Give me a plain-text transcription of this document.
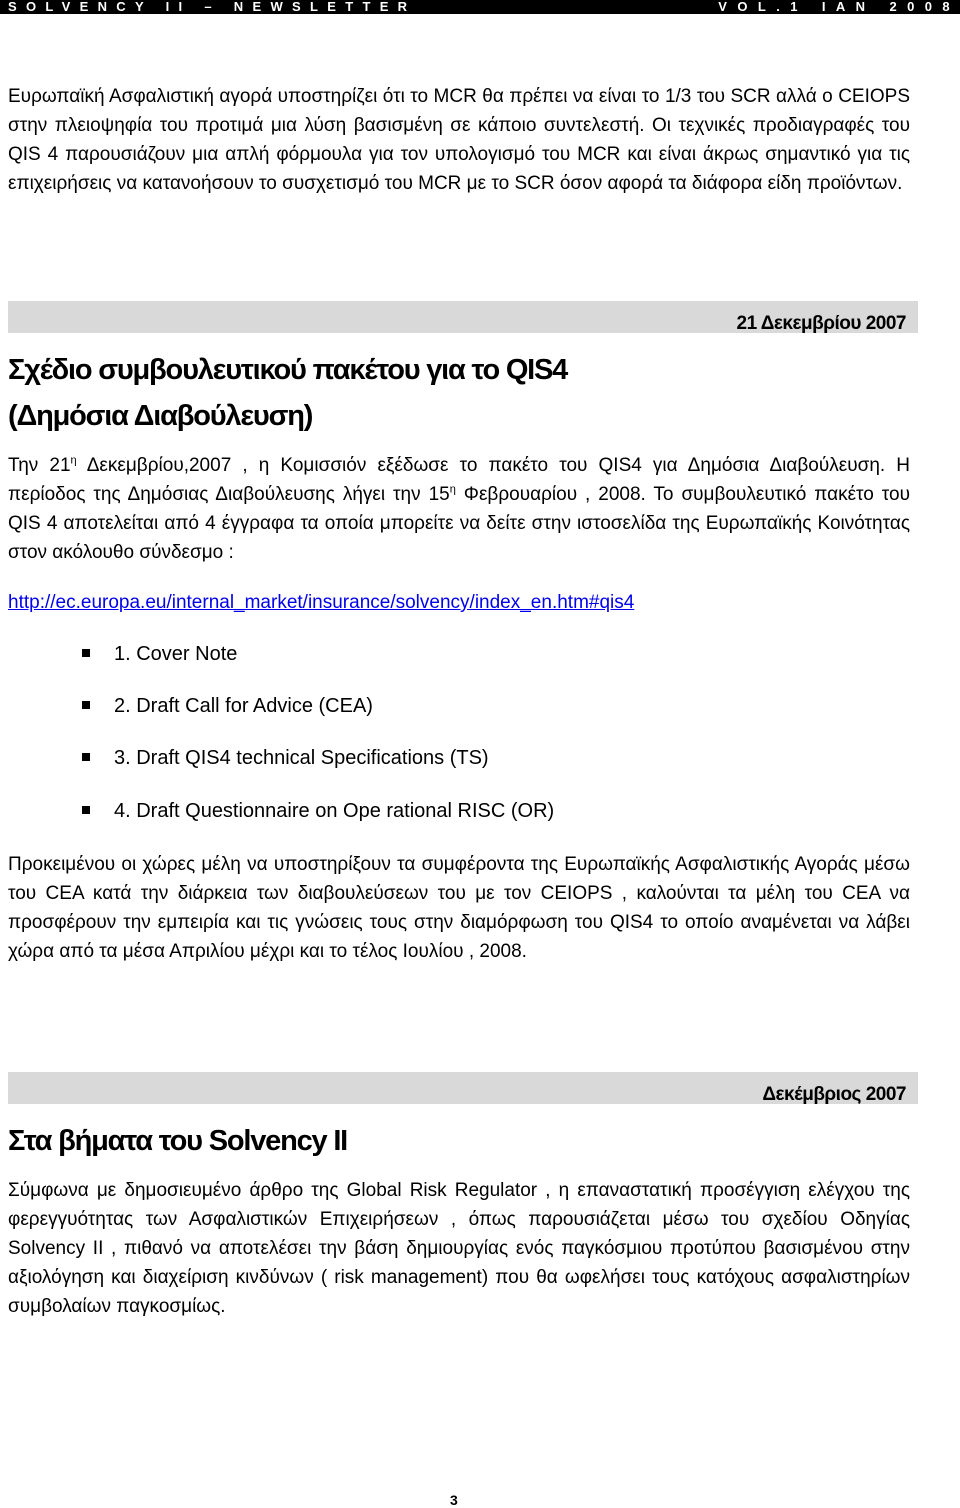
SOLVENCY II – NEWSLETTER	VOL.1 IAN 2008

Ευρωπαϊκή Ασφαλιστική αγορά υποστηρίζει ότι το MCR θα πρέπει να είναι το 1/3 του SCR αλλά ο CEIOPS στην πλειοψηφία του προτιμά μια λύση βασισμένη σε κάποιο συντελεστή. Οι τεχνικές προδιαγραφές του QIS 4 παρουσιάζουν μια απλή φόρμουλα για τον υπολογισμό του MCR και είναι άκρως σημαντικό για τις επιχειρήσεις να κατανοήσουν το συσχετισμό του MCR με το SCR όσον αφορά τα διάφορα είδη προϊόντων.

21 Δεκεμβρίου 2007
Σχέδιο συμβουλευτικού πακέτου για το QIS4
(Δημόσια Διαβούλευση)

Την $21^\eta$ Δεκεμβρίου,2007 , η Κομισσιόν εξέδωσε το πακέτο του QIS4 για Δημόσια Διαβούλευση. Η περίοδος της Δημόσιας Διαβούλευσης λήγει την $15^\eta$ Φεβρουαρίου , 2008. Το συμβουλευτικό πακέτο του QIS 4 αποτελείται από 4 έγγραφα τα οποία μπορείτε να δείτε στην ιστοσελίδα της Ευρωπαϊκής Κοινότητας στον ακόλουθο σύνδεσμο :

http://ec.europa.eu/internal_market/insurance/solvency/index_en.htm#qis4
1. Cover Note
2. Draft Call for Advice (CEA)
3. Draft QIS4 technical Specifications (TS)
4. Draft Questionnaire on Ope rational RISC (OR)

Προκειμένου οι χώρες μέλη να υποστηρίξουν τα συμφέροντα της Ευρωπαϊκής Ασφαλιστικής Αγοράς μέσω του CEA κατά την διάρκεια των διαβουλεύσεων του με τον CEIOPS , καλούνται τα μέλη του CEA να προσφέρουν την εμπειρία και τις γνώσεις τους στην διαμόρφωση του QIS4 το οποίο αναμένεται να λάβει χώρα από τα μέσα Απριλίου μέχρι και το τέλος Ιουλίου , 2008.

Δεκέμβριος 2007
Στα βήματα του Solvency II

Σύμφωνα με δημοσιευμένο άρθρο της Global Risk Regulator , η επαναστατική προσέγγιση ελέγχου της φερεγγυότητας των Ασφαλιστικών Επιχειρήσεων , όπως παρουσιάζεται μέσω του σχεδίου Οδηγίας Solvency II , πιθανό να αποτελέσει την βάση δημιουργίας ενός παγκόσμιου προτύπου βασισμένου στην αξιολόγηση και διαχείριση κινδύνων ( risk management) που θα ωφελήσει τους κατόχους ασφαλιστηρίων συμβολαίων παγκοσμίως.

3
